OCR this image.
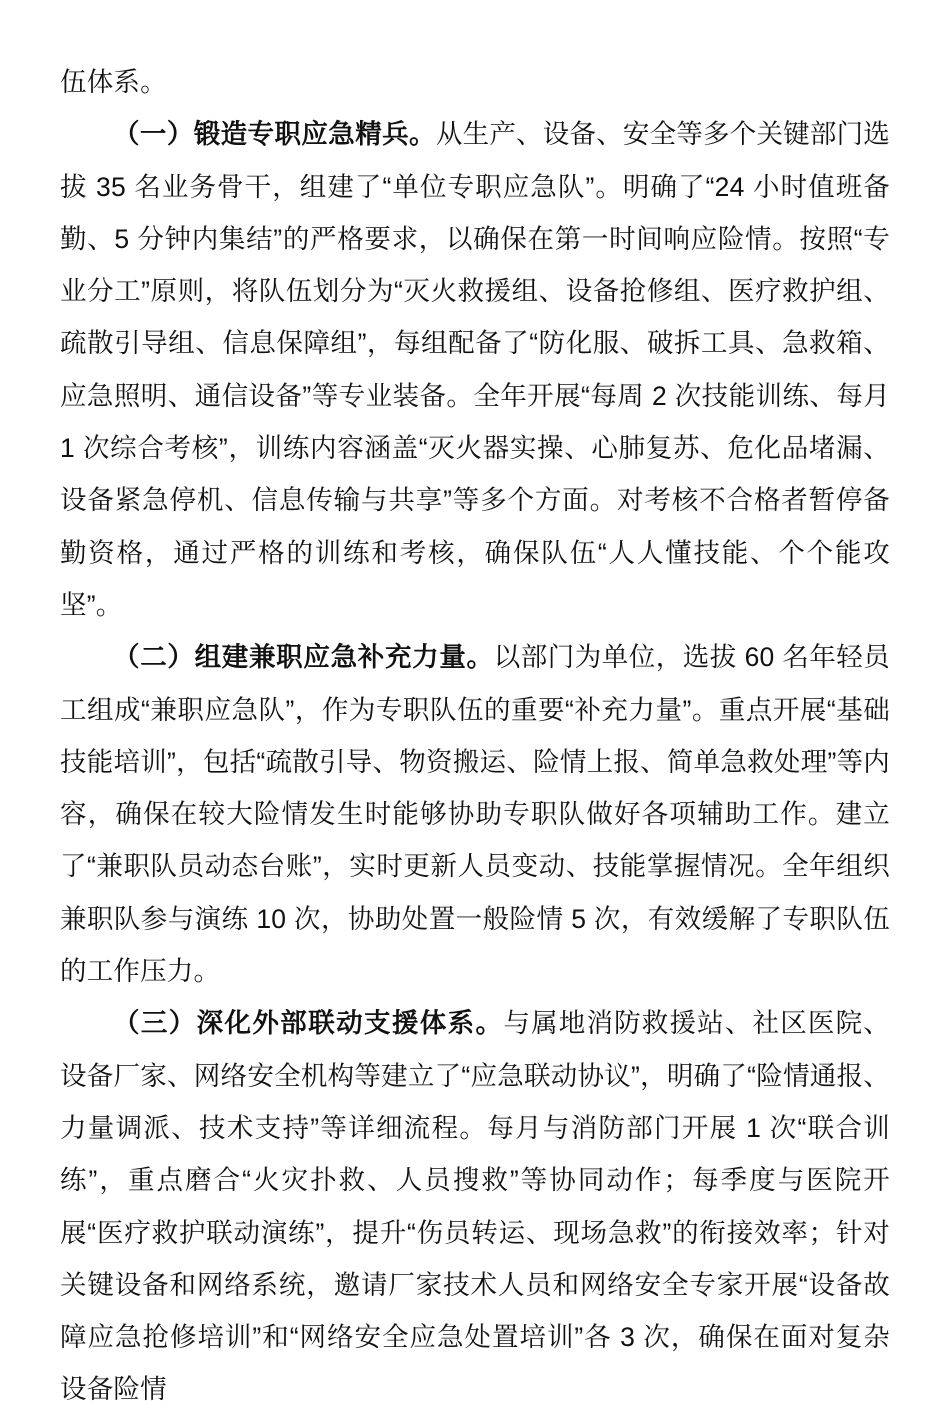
伍体系。

（一）锻造专职应急精兵。从生产、设备、安全等多个关键部门选拔 35 名业务骨干，组建了“单位专职应急队”。明确了“24 小时值班备勤、5 分钟内集结”的严格要求，以确保在第一时间响应险情。按照“专业分工”原则，将队伍划分为“灭火救援组、设备抢修组、医疗救护组、疏散引导组、信息保障组”，每组配备了“防化服、破拆工具、急救箱、应急照明、通信设备”等专业装备。全年开展“每周 2 次技能训练、每月 1 次综合考核”，训练内容涵盖“灭火器实操、心肺复苏、危化品堵漏、设备紧急停机、信息传输与共享”等多个方面。对考核不合格者暂停备勤资格，通过严格的训练和考核，确保队伍“人人懂技能、个个能攻坚”。

（二）组建兼职应急补充力量。以部门为单位，选拔 60 名年轻员工组成“兼职应急队”，作为专职队伍的重要“补充力量”。重点开展“基础技能培训”，包括“疏散引导、物资搬运、险情上报、简单急救处理”等内容，确保在较大险情发生时能够协助专职队做好各项辅助工作。建立了“兼职队员动态台账”，实时更新人员变动、技能掌握情况。全年组织兼职队参与演练 10 次，协助处置一般险情 5 次，有效缓解了专职队伍的工作压力。

（三）深化外部联动支援体系。与属地消防救援站、社区医院、设备厂家、网络安全机构等建立了“应急联动协议”，明确了“险情通报、力量调派、技术支持”等详细流程。每月与消防部门开展 1 次“联合训练”，重点磨合“火灾扑救、人员搜救”等协同动作；每季度与医院开展“医疗救护联动演练”，提升“伤员转运、现场急救”的衔接效率；针对关键设备和网络系统，邀请厂家技术人员和网络安全专家开展“设备故障应急抢修培训”和“网络安全应急处置培训”各 3 次，确保在面对复杂设备险情
